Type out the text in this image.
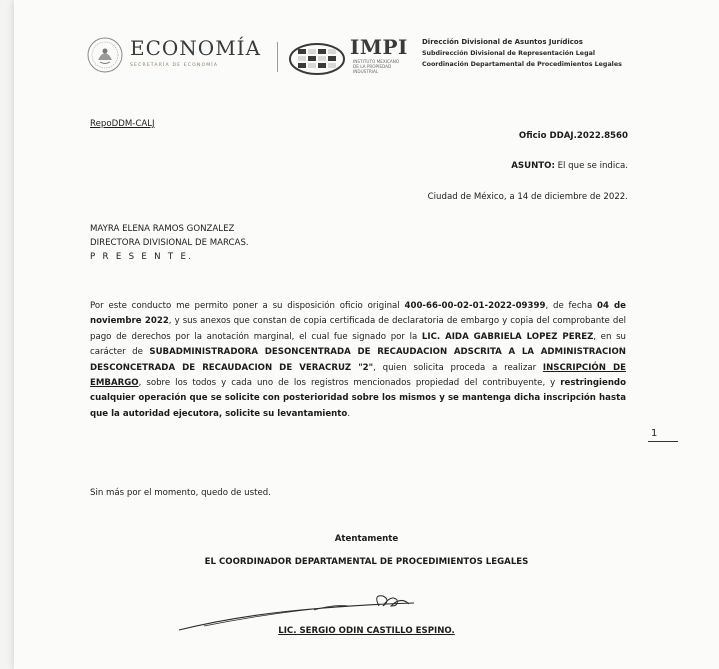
ECONOMÍA
SECRETARÍA DE ECONOMÍA
IMPI
INSTITUTO MEXICANO
DE LA PROPIEDAD
INDUSTRIAL
Dirección Divisional de Asuntos Jurídicos
Subdirección Divisional de Representación Legal
Coordinación Departamental de Procedimientos Legales
RepoDDM-CALJ
Oficio DDAJ.2022.8560
ASUNTO: El que se indica.
Ciudad de México, a 14 de diciembre de 2022.
MAYRA ELENA RAMOS GONZALEZ
DIRECTORA DIVISIONAL DE MARCAS.
P R E S E N T E.
Por este conducto me permito poner a su disposición oficio original 400-66-00-02-01-2022-09399, de fecha 04 de noviembre 2022, y sus anexos que constan de copia certificada de declaratoria de embargo y copia del comprobante del pago de derechos por la anotación marginal, el cual fue signado por la LIC. AIDA GABRIELA LOPEZ PEREZ, en su carácter de SUBADMINISTRADORA DESONCENTRADA DE RECAUDACION ADSCRITA A LA ADMINISTRACION DESCONCETRADA DE RECAUDACION DE VERACRUZ "2", quien solicita proceda a realizar INSCRIPCIÓN DE EMBARGO, sobre los todos y cada uno de los registros mencionados propiedad del contribuyente, y restringiendo cualquier operación que se solicite con posterioridad sobre los mismos y se mantenga dicha inscripción hasta que la autoridad ejecutora, solicite su levantamiento.
1
Sin más por el momento, quedo de usted.
Atentamente
EL COORDINADOR DEPARTAMENTAL DE PROCEDIMIENTOS LEGALES
LIC. SERGIO ODIN CASTILLO ESPINO.
